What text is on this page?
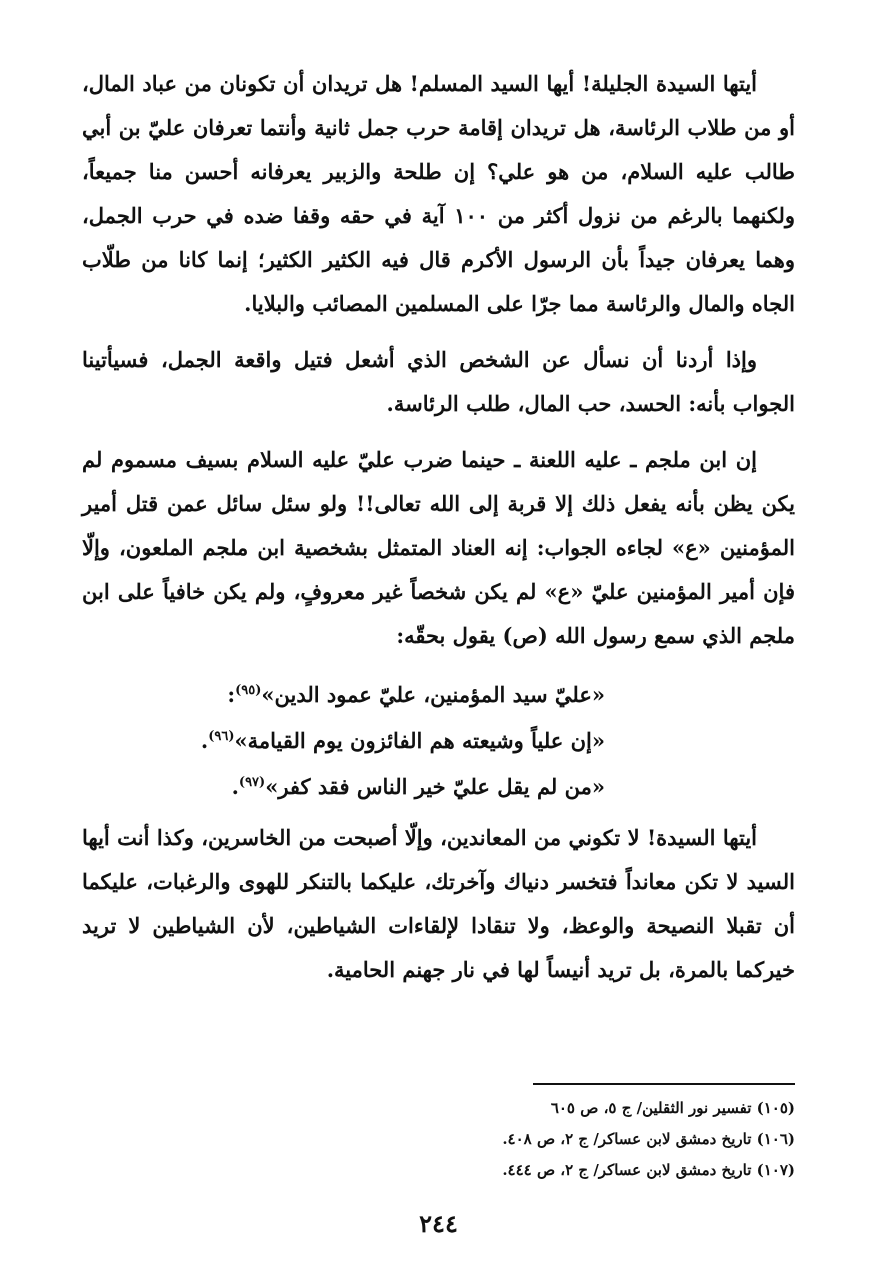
أيتها السيدة الجليلة! أيها السيد المسلم! هل تريدان أن تكونان من عباد المال، أو من طلاب الرئاسة، هل تريدان إقامة حرب جمل ثانية وأنتما تعرفان عليّ بن أبي طالب عليه السلام، من هو علي؟ إن طلحة والزبير يعرفانه أحسن منا جميعاً، ولكنهما بالرغم من نزول أكثر من ١٠٠ آية في حقه وقفا ضده في حرب الجمل، وهما يعرفان جيداً بأن الرسول الأكرم قال فيه الكثير الكثير؛ إنما كانا من طلّاب الجاه والمال والرئاسة مما جرّا على المسلمين المصائب والبلايا.

وإذا أردنا أن نسأل عن الشخص الذي أشعل فتيل واقعة الجمل، فسيأتينا الجواب بأنه: الحسد، حب المال، طلب الرئاسة.

إن ابن ملجم ـ عليه اللعنة ـ حينما ضرب عليّ عليه السلام بسيف مسموم لم يكن يظن بأنه يفعل ذلك إلا قربة إلى الله تعالى!! ولو سئل سائل عمن قتل أمير المؤمنين «ع» لجاءه الجواب: إنه العناد المتمثل بشخصية ابن ملجم الملعون، وإلّا فإن أمير المؤمنين عليّ «ع» لم يكن شخصاً غير معروفٍ، ولم يكن خافياً على ابن ملجم الذي سمع رسول الله (ص) يقول بحقّه:

«عليّ سيد المؤمنين، عليّ عمود الدين»$^{(٩٥)}$:

«إن علياً وشيعته هم الفائزون يوم القيامة»$^{(٩٦)}$.

«من لم يقل عليّ خير الناس فقد كفر»$^{(٩٧)}$.

أيتها السيدة! لا تكوني من المعاندين، وإلّا أصبحت من الخاسرين، وكذا أنت أيها السيد لا تكن معانداً فتخسر دنياك وآخرتك، عليكما بالتنكر للهوى والرغبات، عليكما أن تقبلا النصيحة والوعظ، ولا تنقادا لإلقاءات الشياطين، لأن الشياطين لا تريد خيركما بالمرة، بل تريد أنيساً لها في نار جهنم الحامية.

(١٠٥) تفسير نور الثقلين/ ج ٥، ص ٦٠٥

(١٠٦) تاريخ دمشق لابن عساكر/ ج ٢، ص ٤٠٨.

(١٠٧) تاريخ دمشق لابن عساكر/ ج ٢، ص ٤٤٤.

٢٤٤
